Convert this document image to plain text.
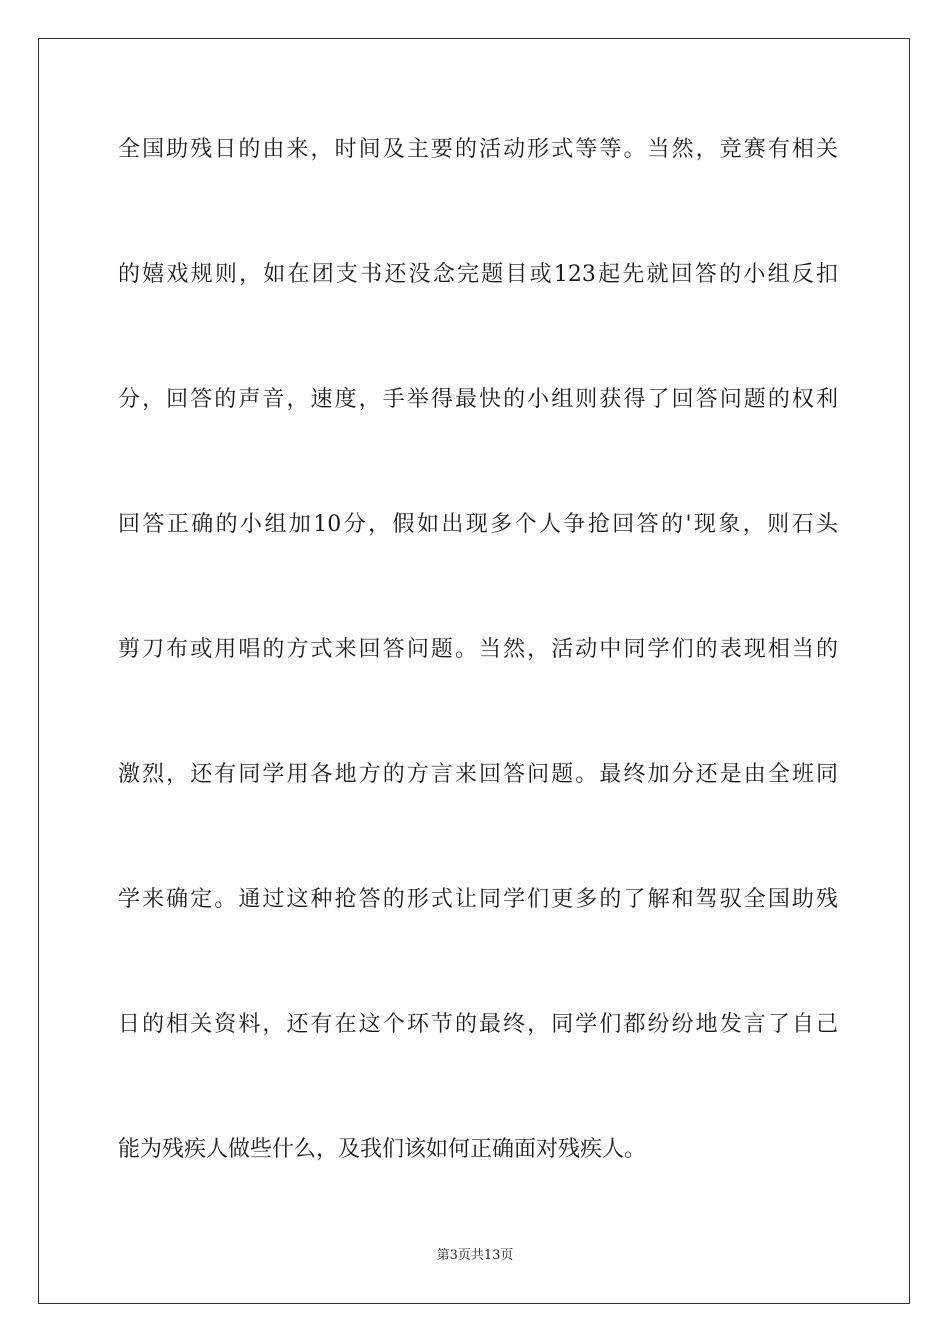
全国助残日的由来，时间及主要的活动形式等等。当然，竞赛有相关
的嬉戏规则，如在团支书还没念完题目或123起先就回答的小组反扣
分，回答的声音，速度，手举得最快的小组则获得了回答问题的权利
回答正确的小组加10分，假如出现多个人争抢回答的'现象，则石头
剪刀布或用唱的方式来回答问题。当然，活动中同学们的表现相当的
激烈，还有同学用各地方的方言来回答问题。最终加分还是由全班同
学来确定。通过这种抢答的形式让同学们更多的了解和驾驭全国助残
日的相关资料，还有在这个环节的最终，同学们都纷纷地发言了自己
能为残疾人做些什么，及我们该如何正确面对残疾人。
第3页共13页
